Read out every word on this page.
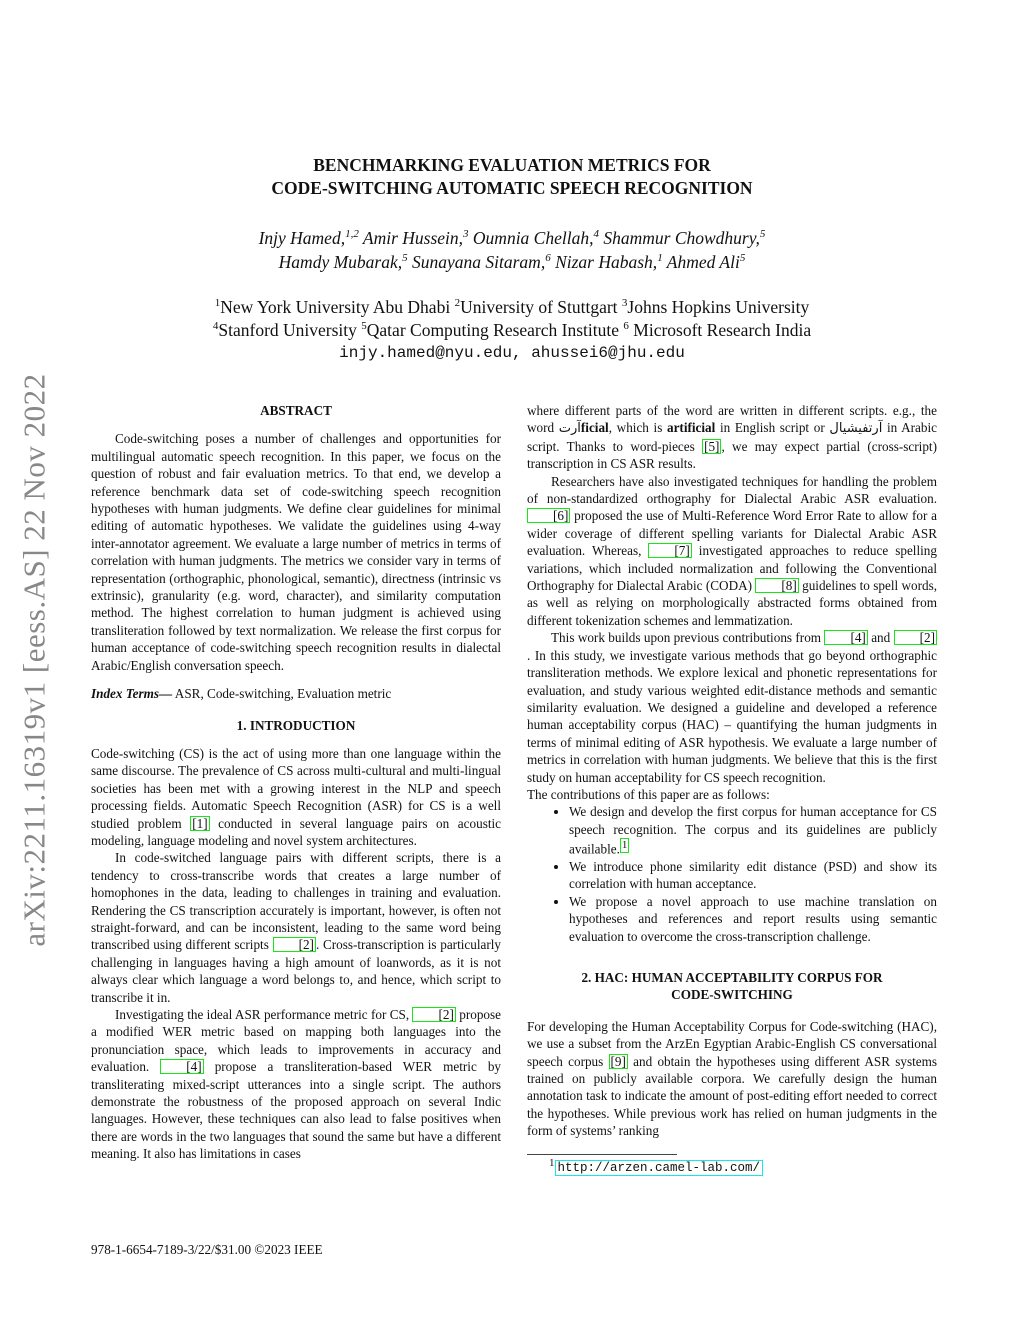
arXiv:2211.16319v1 [eess.AS] 22 Nov 2022
BENCHMARKING EVALUATION METRICS FOR
CODE-SWITCHING AUTOMATIC SPEECH RECOGNITION
Injy Hamed,$^{1,2}$ Amir Hussein,$^3$ Oumnia Chellah,$^4$ Shammur Chowdhury,$^5$
Hamdy Mubarak,$^5$ Sunayana Sitaram,$^6$ Nizar Habash,$^1$ Ahmed Ali$^5$
$^1$New York University Abu Dhabi $^2$University of Stuttgart $^3$Johns Hopkins University
$^4$Stanford University $^5$Qatar Computing Research Institute $^6$ Microsoft Research India
injy.hamed@nyu.edu, ahussei6@jhu.edu
ABSTRACT

Code-switching poses a number of challenges and opportunities for multilingual automatic speech recognition. In this paper, we focus on the question of robust and fair evaluation metrics. To that end, we develop a reference benchmark data set of code-switching speech recognition hypotheses with human judgments. We define clear guidelines for minimal editing of automatic hypotheses. We validate the guidelines using 4-way inter-annotator agreement. We evaluate a large number of metrics in terms of correlation with human judgments. The metrics we consider vary in terms of representation (orthographic, phonological, semantic), directness (intrinsic vs extrinsic), granularity (e.g. word, character), and similarity computation method. The highest correlation to human judgment is achieved using transliteration followed by text normalization. We release the first corpus for human acceptance of code-switching speech recognition results in dialectal Arabic/English conversation speech.

Index Terms— ASR, Code-switching, Evaluation metric

1. INTRODUCTION

Code-switching (CS) is the act of using more than one language within the same discourse. The prevalence of CS across multi-cultural and multi-lingual societies has been met with a growing interest in the NLP and speech processing fields. Automatic Speech Recognition (ASR) for CS is a well studied problem [1] conducted in several language pairs on acoustic modeling, language modeling and novel system architectures.

In code-switched language pairs with different scripts, there is a tendency to cross-transcribe words that creates a large number of homophones in the data, leading to challenges in training and evaluation. Rendering the CS transcription accurately is important, however, is often not straight-forward, and can be inconsistent, leading to the same word being transcribed using different scripts [2] . Cross-transcription is particularly challenging in languages having a high amount of loanwords, as it is not always clear which language a word belongs to, and hence, which script to transcribe it in.

Investigating the ideal ASR performance metric for CS, [2] propose a modified WER metric based on mapping both languages into the pronunciation space, which leads to improvements in accuracy and evaluation.	[4] propose a transliteration-based WER metric by transliterating mixed-script utterances into a single script. The authors demonstrate the robustness of the proposed approach on several Indic languages. However, these techniques can also lead to false positives when there are words in the two languages that sound the same but have a different meaning. It also has limitations in cases

where different parts of the word are written in different scripts. e.g., the word آرتficial, which is artificial in English script or آرتفيشيال in Arabic script. Thanks to word-pieces [5] , we may expect partial (cross-script) transcription in CS ASR results.

Researchers have also investigated techniques for handling the problem of non-standardized orthography for Dialectal Arabic ASR evaluation. [6] proposed the use of Multi-Reference Word Error Rate to allow for a wider coverage of different spelling variants for Dialectal Arabic ASR evaluation. Whereas,	[7] investigated approaches to reduce spelling variations, which included normalization and following the Conventional Orthography for Dialectal Arabic (CODA) [8] guidelines to spell words, as well as relying on morphologically abstracted forms obtained from different tokenization schemes and lemmatization.

This work builds upon previous contributions from [4] and [2]. In this study, we investigate various methods that go beyond orthographic transliteration methods. We explore lexical and phonetic representations for evaluation, and study various weighted edit-distance methods and semantic similarity evaluation. We designed a guideline and developed a reference human acceptability corpus (HAC) – quantifying the human judgments in terms of minimal editing of ASR hypothesis. We evaluate a large number of metrics in correlation with human judgments. We believe that this is the first study on human acceptability for CS speech recognition.

The contributions of this paper are as follows:

• We design and develop the first corpus for human acceptance for CS speech recognition. The corpus and its guidelines are publicly available. $^1$
• We introduce phone similarity edit distance (PSD) and show its correlation with human acceptance.
• We propose a novel approach to use machine translation on hypotheses and references and report results using semantic evaluation to overcome the cross-transcription challenge.
2. HAC: HUMAN ACCEPTABILITY CORPUS FOR
CODE-SWITCHING

For developing the Human Acceptability Corpus for Code-switching (HAC), we use a subset from the ArzEn Egyptian Arabic-English CS conversational speech corpus [9] and obtain the hypotheses using different ASR systems trained on publicly available corpora. We carefully design the human annotation task to indicate the amount of post-editing effort needed to correct the hypotheses. While previous work has relied on human judgments in the form of systems’ ranking

$^1$ http://arzen.camel-lab.com/
978-1-6654-7189-3/22/$31.00 ©2023 IEEE
